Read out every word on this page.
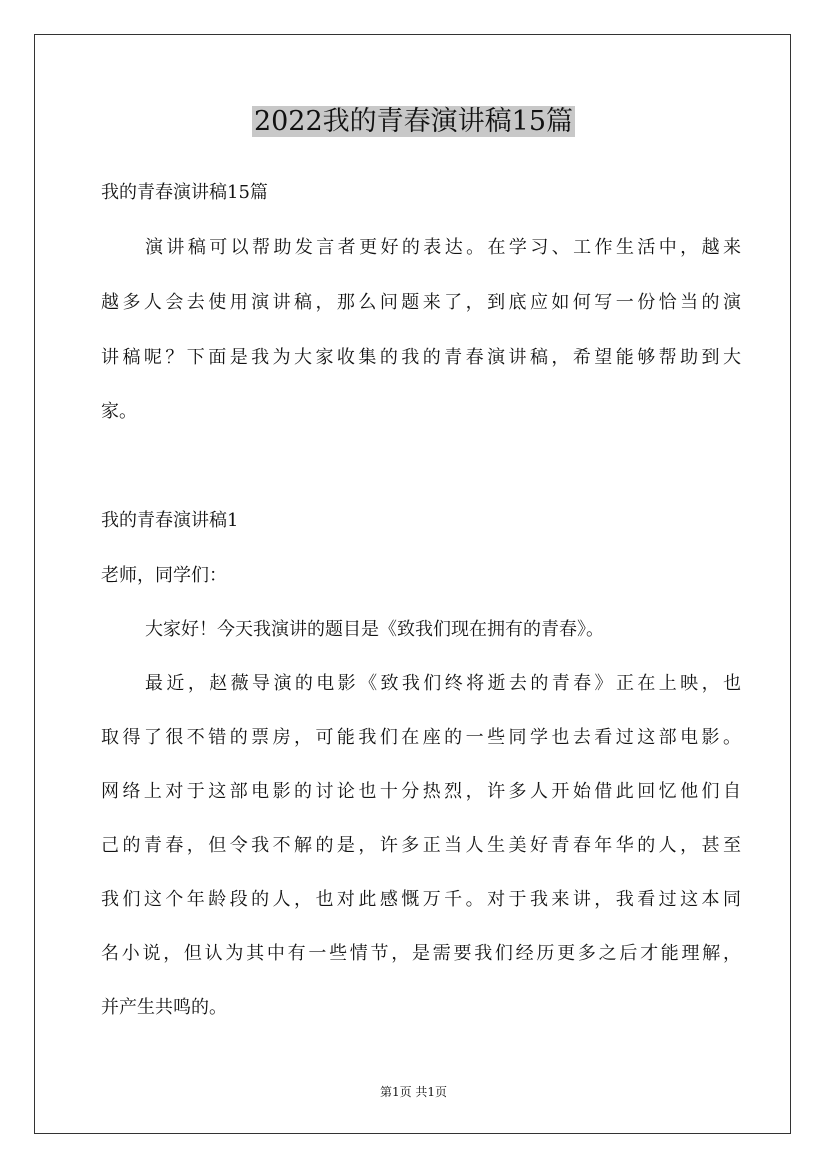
2022我的青春演讲稿15篇

我的青春演讲稿15篇

演讲稿可以帮助发言者更好的表达。在学习、工作生活中，越来

越多人会去使用演讲稿，那么问题来了，到底应如何写一份恰当的演

讲稿呢？下面是我为大家收集的我的青春演讲稿，希望能够帮助到大

家。

我的青春演讲稿1

老师，同学们：

大家好！今天我演讲的题目是《致我们现在拥有的青春》。

最近，赵薇导演的电影《致我们终将逝去的青春》正在上映，也

取得了很不错的票房，可能我们在座的一些同学也去看过这部电影。

网络上对于这部电影的讨论也十分热烈，许多人开始借此回忆他们自

己的青春，但令我不解的是，许多正当人生美好青春年华的人，甚至

我们这个年龄段的人，也对此感慨万千。对于我来讲，我看过这本同

名小说，但认为其中有一些情节，是需要我们经历更多之后才能理解，

并产生共鸣的。

第1页 共1页
